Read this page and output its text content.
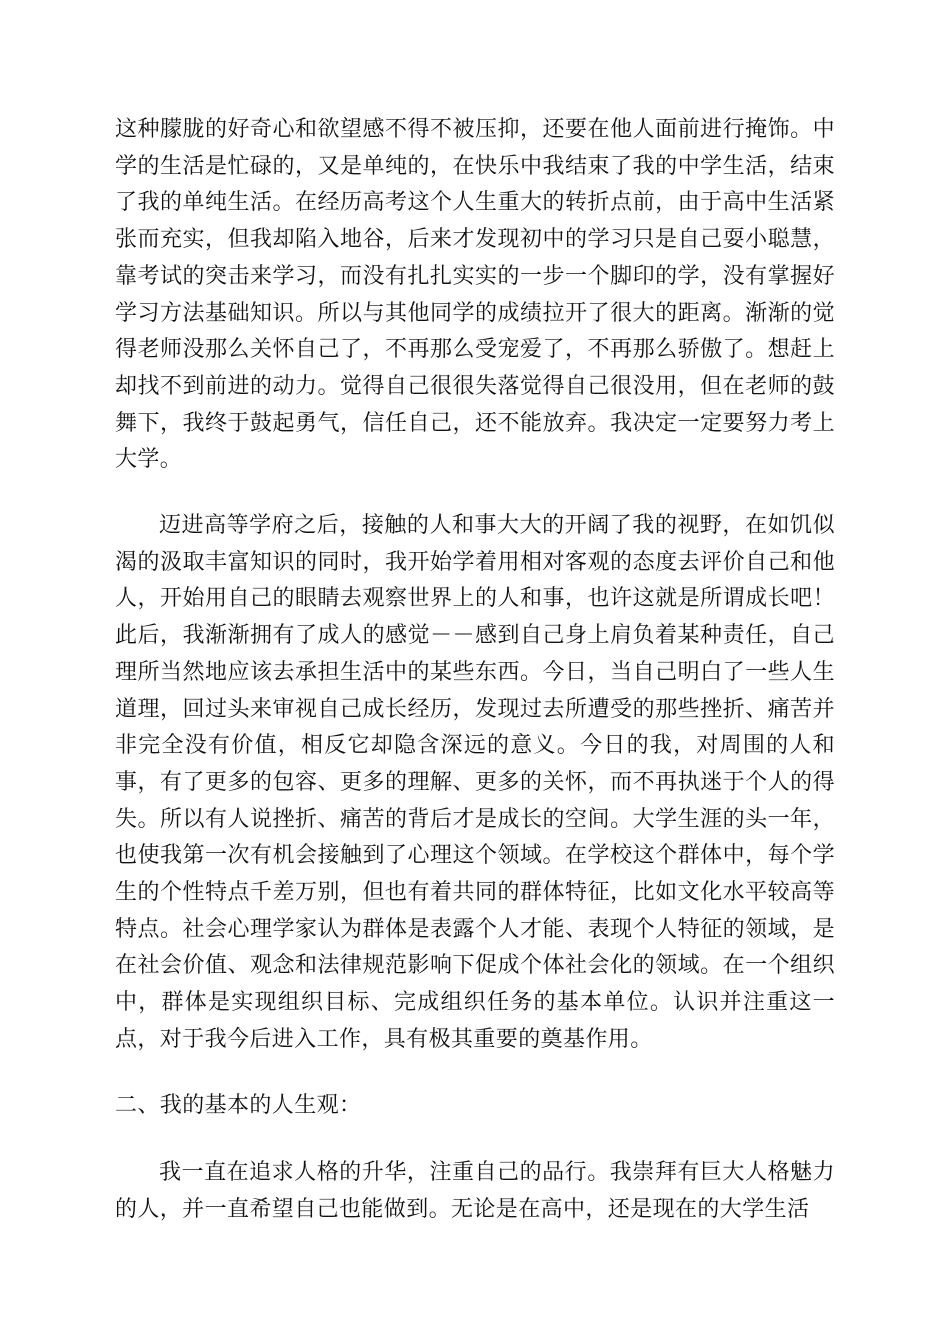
这种朦胧的好奇心和欲望感不得不被压抑，还要在他人面前进行掩饰。中学的生活是忙碌的，又是单纯的，在快乐中我结束了我的中学生活，结束了我的单纯生活。在经历高考这个人生重大的转折点前，由于高中生活紧张而充实，但我却陷入地谷，后来才发现初中的学习只是自己耍小聪慧，靠考试的突击来学习，而没有扎扎实实的一步一个脚印的学，没有掌握好学习方法基础知识。所以与其他同学的成绩拉开了很大的距离。渐渐的觉得老师没那么关怀自己了，不再那么受宠爱了，不再那么骄傲了。想赶上却找不到前进的动力。觉得自己很很失落觉得自己很没用，但在老师的鼓舞下，我终于鼓起勇气，信任自己，还不能放弃。我决定一定要努力考上大学。

迈进高等学府之后，接触的人和事大大的开阔了我的视野，在如饥似渴的汲取丰富知识的同时，我开始学着用相对客观的态度去评价自己和他人，开始用自己的眼睛去观察世界上的人和事，也许这就是所谓成长吧！此后，我渐渐拥有了成人的感觉－－感到自己身上肩负着某种责任，自己理所当然地应该去承担生活中的某些东西。今日，当自己明白了一些人生道理，回过头来审视自己成长经历，发现过去所遭受的那些挫折、痛苦并非完全没有价值，相反它却隐含深远的意义。今日的我，对周围的人和事，有了更多的包容、更多的理解、更多的关怀，而不再执迷于个人的得失。所以有人说挫折、痛苦的背后才是成长的空间。大学生涯的头一年，也使我第一次有机会接触到了心理这个领域。在学校这个群体中，每个学生的个性特点千差万别，但也有着共同的群体特征，比如文化水平较高等特点。社会心理学家认为群体是表露个人才能、表现个人特征的领域，是在社会价值、观念和法律规范影响下促成个体社会化的领域。在一个组织中，群体是实现组织目标、完成组织任务的基本单位。认识并注重这一点，对于我今后进入工作，具有极其重要的奠基作用。

二、我的基本的人生观：

我一直在追求人格的升华，注重自己的品行。我崇拜有巨大人格魅力的人，并一直希望自己也能做到。无论是在高中，还是现在的大学生活
